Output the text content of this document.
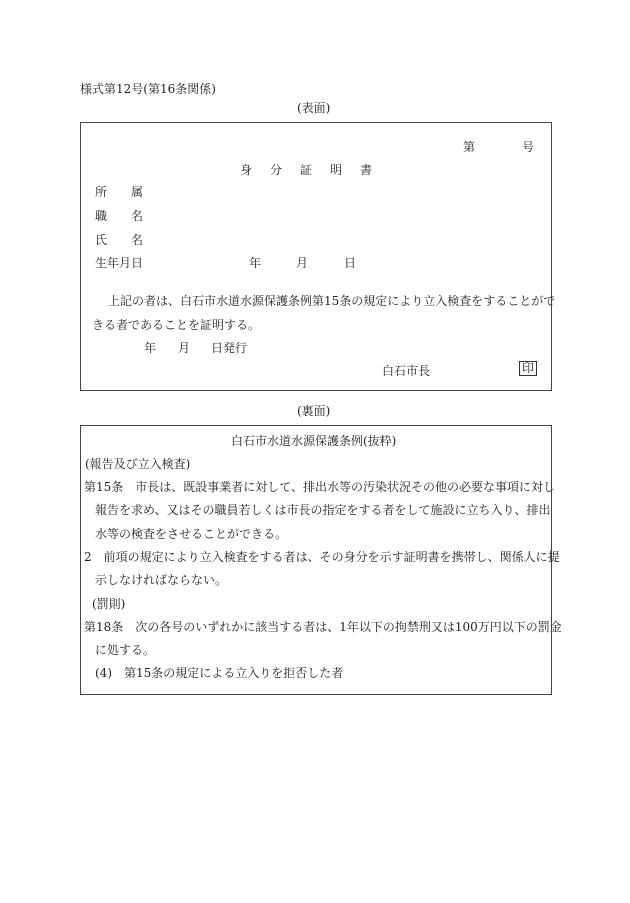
様式第12号(第16条関係)
(表面)
第	号
身　分　証　明　書
所　　属
職　　名
氏　　名
生年月日	年	月	日
上記の者は、白石市水道水源保護条例第15条の規定により立入検査をすることがで
きる者であることを証明する。
年 月 日発行
白石市長	印
(裏面)
白石市水道水源保護条例(抜粋)
(報告及び立入検査)
第15条　市長は、既設事業者に対して、排出水等の汚染状況その他の必要な事項に対し
報告を求め、又はその職員若しくは市長の指定をする者をして施設に立ち入り、排出
水等の検査をさせることができる。
2　前項の規定により立入検査をする者は、その身分を示す証明書を携帯し、関係人に提
示しなければならない。
(罰則)
第18条　次の各号のいずれかに該当する者は、1年以下の拘禁刑又は100万円以下の罰金
に処する。
(4)　第15条の規定による立入りを拒否した者
